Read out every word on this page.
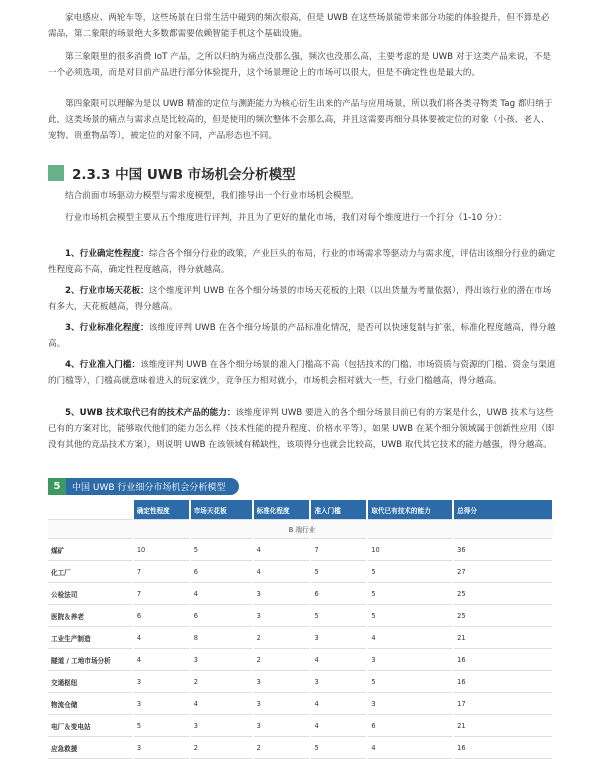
家电感应、两轮车等，这些场景在日常生活中碰到的频次很高，但是 UWB 在这些场景能带来部分功能的体验提升，但不算是必需品，第二象限的场景绝大多数都需要依赖智能手机这个基础设施。

第三象限里的很多消费 IoT 产品，之所以归纳为痛点没那么强，频次也没那么高，主要考虑的是 UWB 对于这类产品来说，不是一个必须选项，而是对目前产品进行部分体验提升，这个场景理论上的市场可以很大，但是不确定性也是最大的。

第四象限可以理解为是以 UWB 精准的定位与测距能力为核心衍生出来的产品与应用场景，所以我们将各类寻物类 Tag 都归纳于此，这类场景的痛点与需求点是比较高的，但是使用的频次整体不会那么高，并且这需要再细分具体要被定位的对象（小孩、老人、宠物、贵重物品等），被定位的对象不同，产品形态也不同。

2.3.3 中国 UWB 市场机会分析模型

结合前面市场驱动力模型与需求度模型，我们推导出一个行业市场机会模型。

行业市场机会模型主要从五个维度进行评判，并且为了更好的量化市场，我们对每个维度进行一个打分（1-10 分）：

1、行业确定性程度：综合各个细分行业的政策，产业巨头的布局，行业的市场需求等驱动力与需求度，评估出该细分行业的确定性程度高不高，确定性程度越高，得分就越高。

2、行业市场天花板：这个维度评判 UWB 在各个细分场景的市场天花板的上限（以出货量为考量依据），得出该行业的潜在市场有多大，天花板越高，得分越高。

3、行业标准化程度：该维度评判 UWB 在各个细分场景的产品标准化情况，是否可以快速复制与扩张，标准化程度越高，得分越高。

4、行业准入门槛：该维度评判 UWB 在各个细分场景的准入门槛高不高（包括技术的门槛、市场资质与资源的门槛、资金与渠道的门槛等），门槛高就意味着进入的玩家就少，竞争压力相对就小，市场机会相对就大一些，行业门槛越高，得分越高。

5、UWB 技术取代已有的技术产品的能力：该维度评判 UWB 要进入的各个细分场景目前已有的方案是什么，UWB 技术与这些已有的方案对比，能够取代他们的能力怎么样（技术性能的提升程度、价格水平等），如果 UWB 在某个细分领域属于创新性应用（即没有其他的竞品技术方案），则说明 UWB 在该领域有稀缺性，该项得分也就会比较高，UWB 取代其它技术的能力越强，得分越高。

5	中国 UWB 行业细分市场机会分析模型
	确定性程度	市场天花板	标准化程度	准入门槛	取代已有技术的能力	总得分
B 端行业						
煤矿	10	5	4	7	10	36
化工厂	7	6	4	5	5	27
公检法司	7	4	3	6	5	25
医院＆养老	6	6	3	5	5	25
工业生产制造	4	8	2	3	4	21
隧道 / 工地市场分析	4	3	2	4	3	16
交通枢纽	3	2	3	3	5	16
物流仓储	3	4	3	4	3	17
电厂＆变电站	5	3	3	4	6	21
应急救援	3	2	2	5	4	16
